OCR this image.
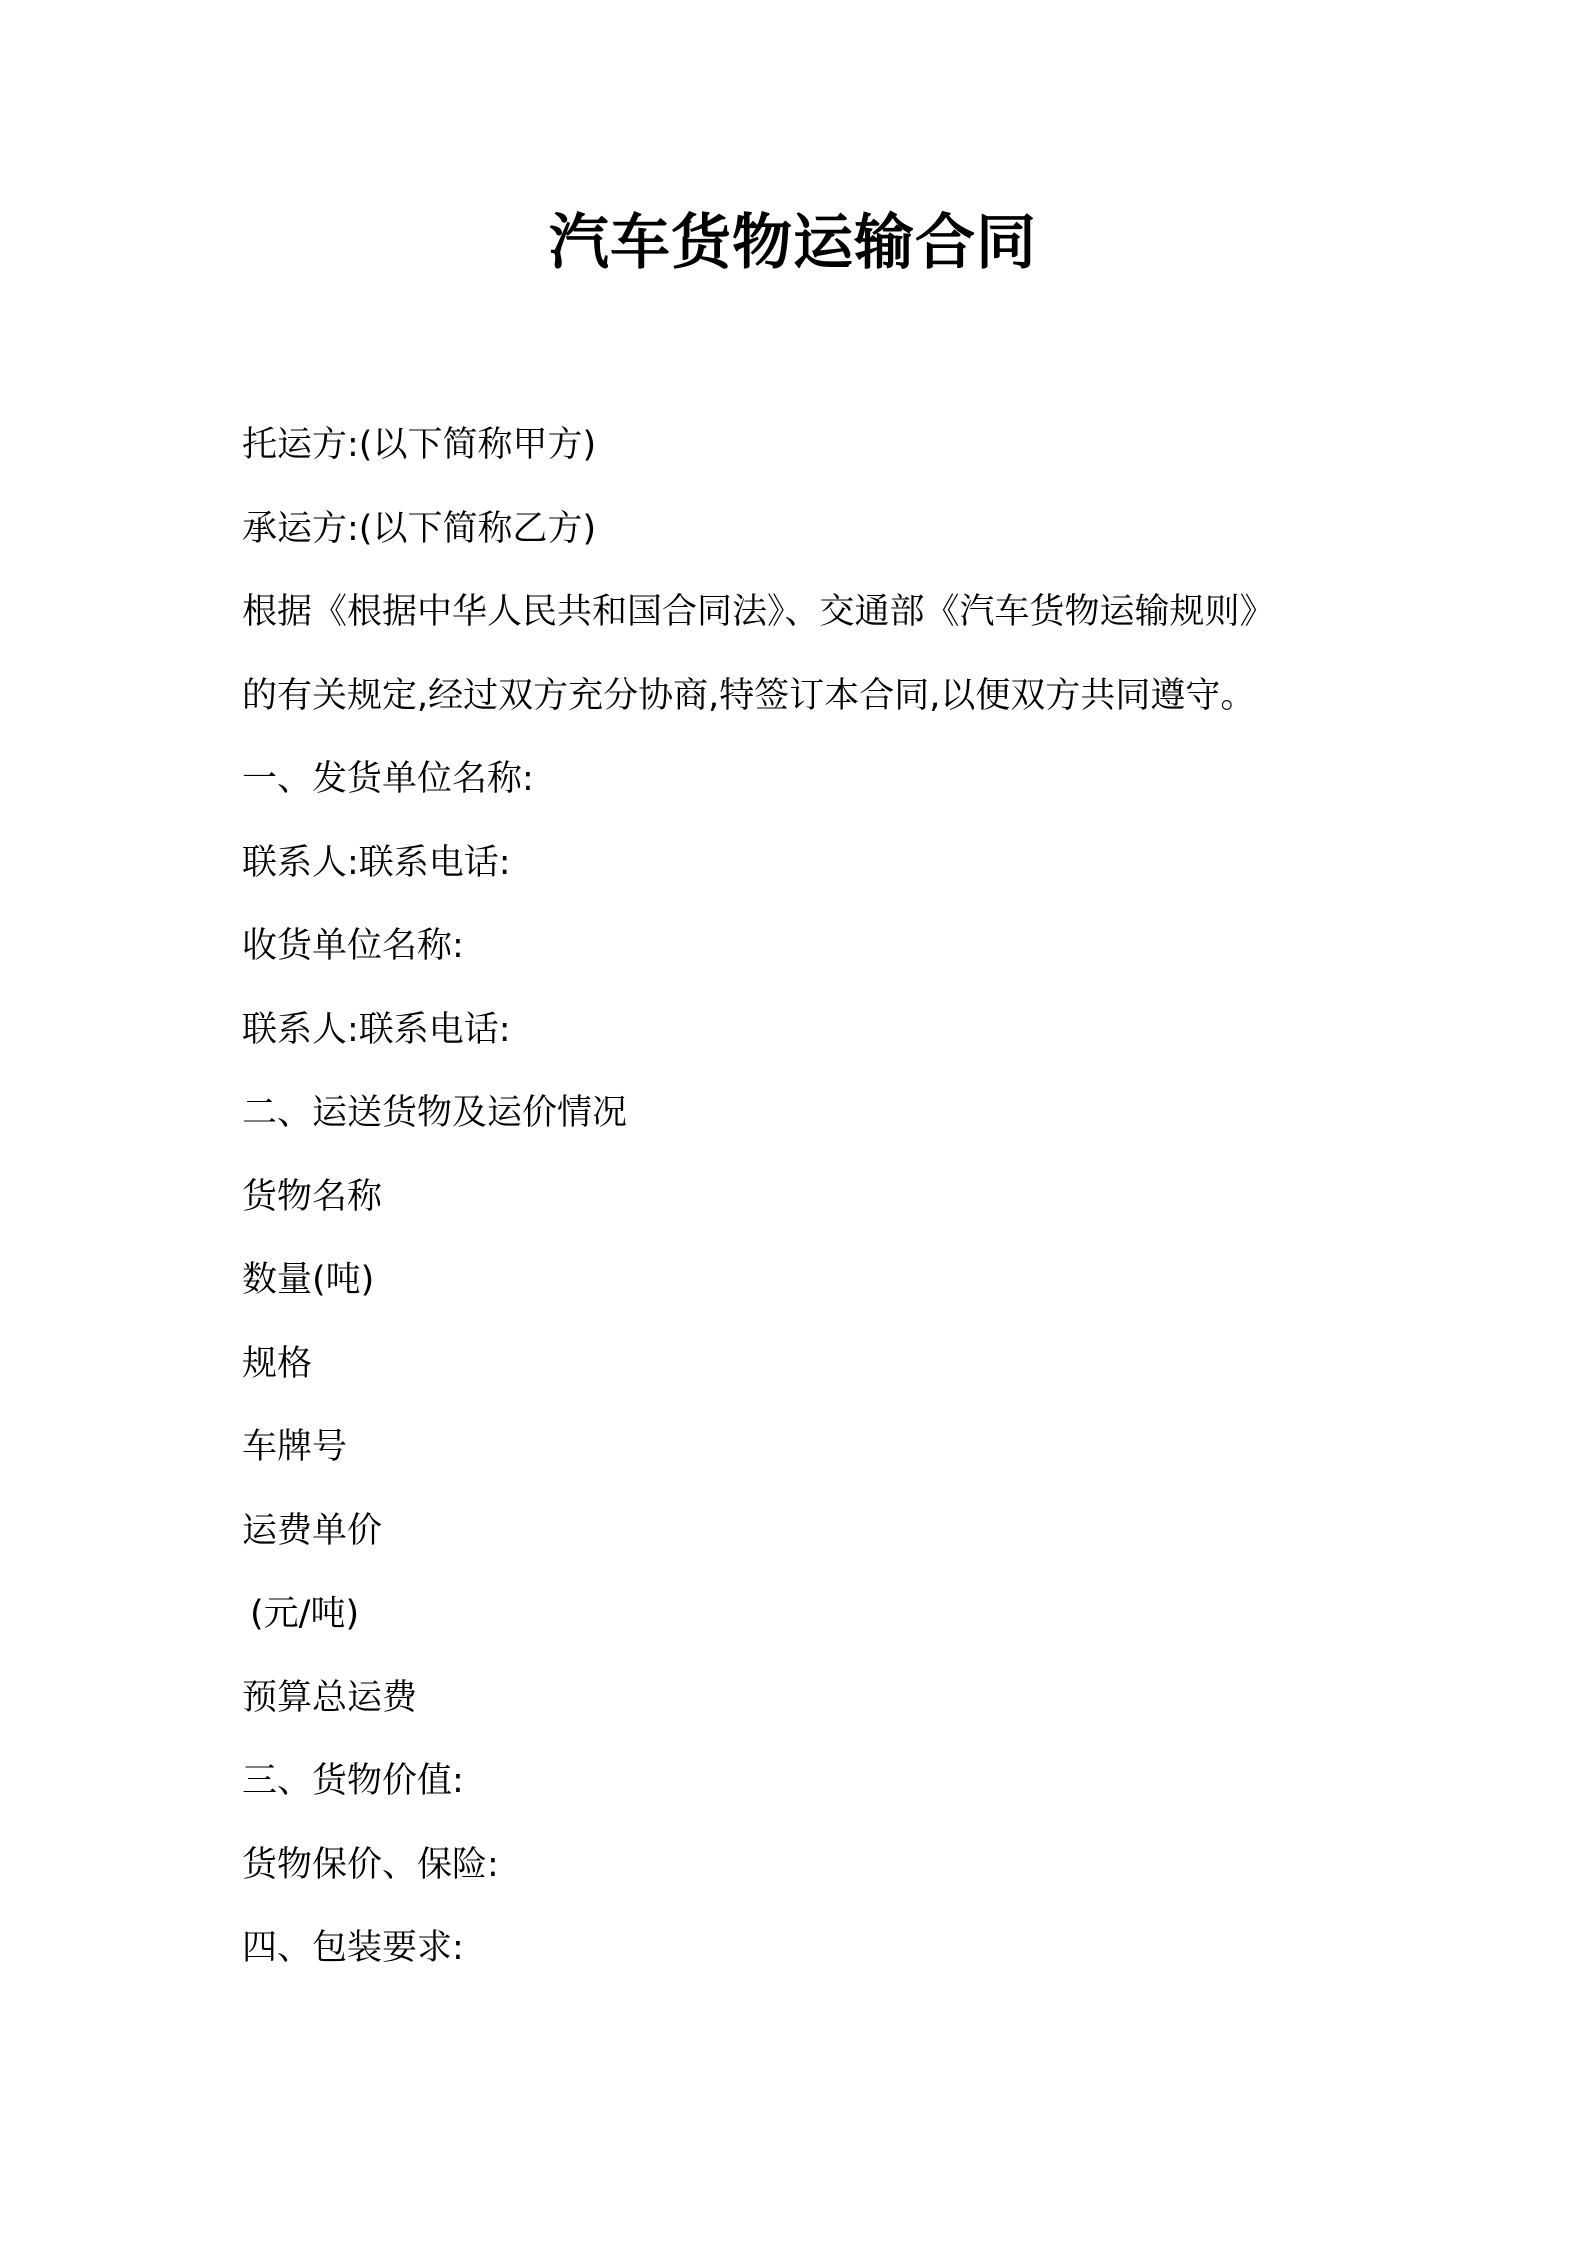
汽车货物运输合同

托运方:(以下简称甲方)

承运方:(以下简称乙方)

根据《根据中华人民共和国合同法》、交通部《汽车货物运输规则》

的有关规定,经过双方充分协商,特签订本合同,以便双方共同遵守。

一、发货单位名称:

联系人:联系电话:

收货单位名称:

联系人:联系电话:

二、运送货物及运价情况

货物名称

数量(吨)

规格

车牌号

运费单价

(元/吨)

预算总运费

三、货物价值:

货物保价、保险:

四、包装要求:
